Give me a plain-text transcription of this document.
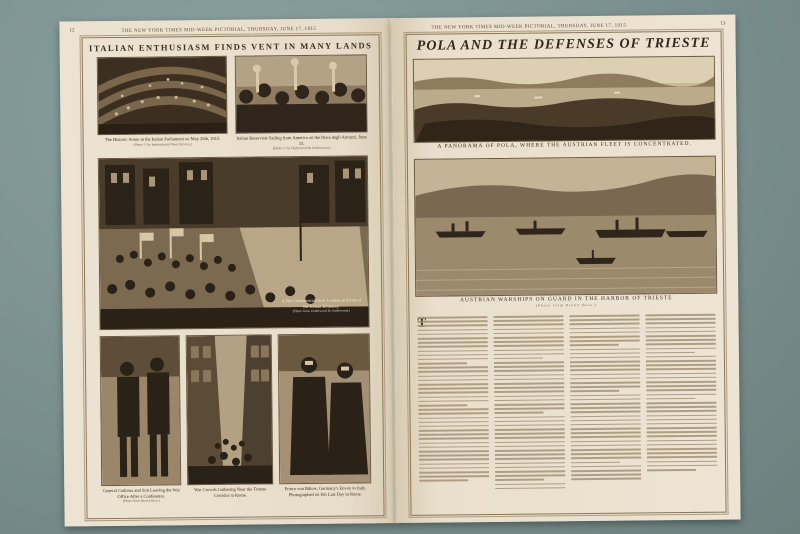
12	THE NEW YORK TIMES MID-WEEK PICTORIAL, THURSDAY, JUNE 17, 1915
ITALIAN ENTHUSIASM FINDS VENT IN MANY LANDS
The Historic Scene in the Italian Parliament on May 20th, 1915.
(Photo © by International News Service.)
Italian Reservists Sailing from America on the Duca degli Abruzzi, June 15.
(Photo © by Underwood & Underwood.)
A War Demonstration in London in Front of the Italian Embassy.
(Photo from Underwood & Underwood.)
General Cadorna and Son Leaving the War Office After a Conference.
(Photo from Brown Bros.)
War Crowds Gathering Near the Tritone Corridor in Rome.
Prince von Bülow, Germany's Envoy to Italy, Photographed on His Last Day in Rome.
THE NEW YORK TIMES MID-WEEK PICTORIAL, THURSDAY, JUNE 17, 1915	13
POLA AND THE DEFENSES OF TRIESTE
A PANORAMA OF POLA, WHERE THE AUSTRIAN FLEET IS CONCENTRATED.
AUSTRIAN WARSHIPS ON GUARD IN THE HARBOR OF TRIESTE
(Photo from Brown Bros.)
